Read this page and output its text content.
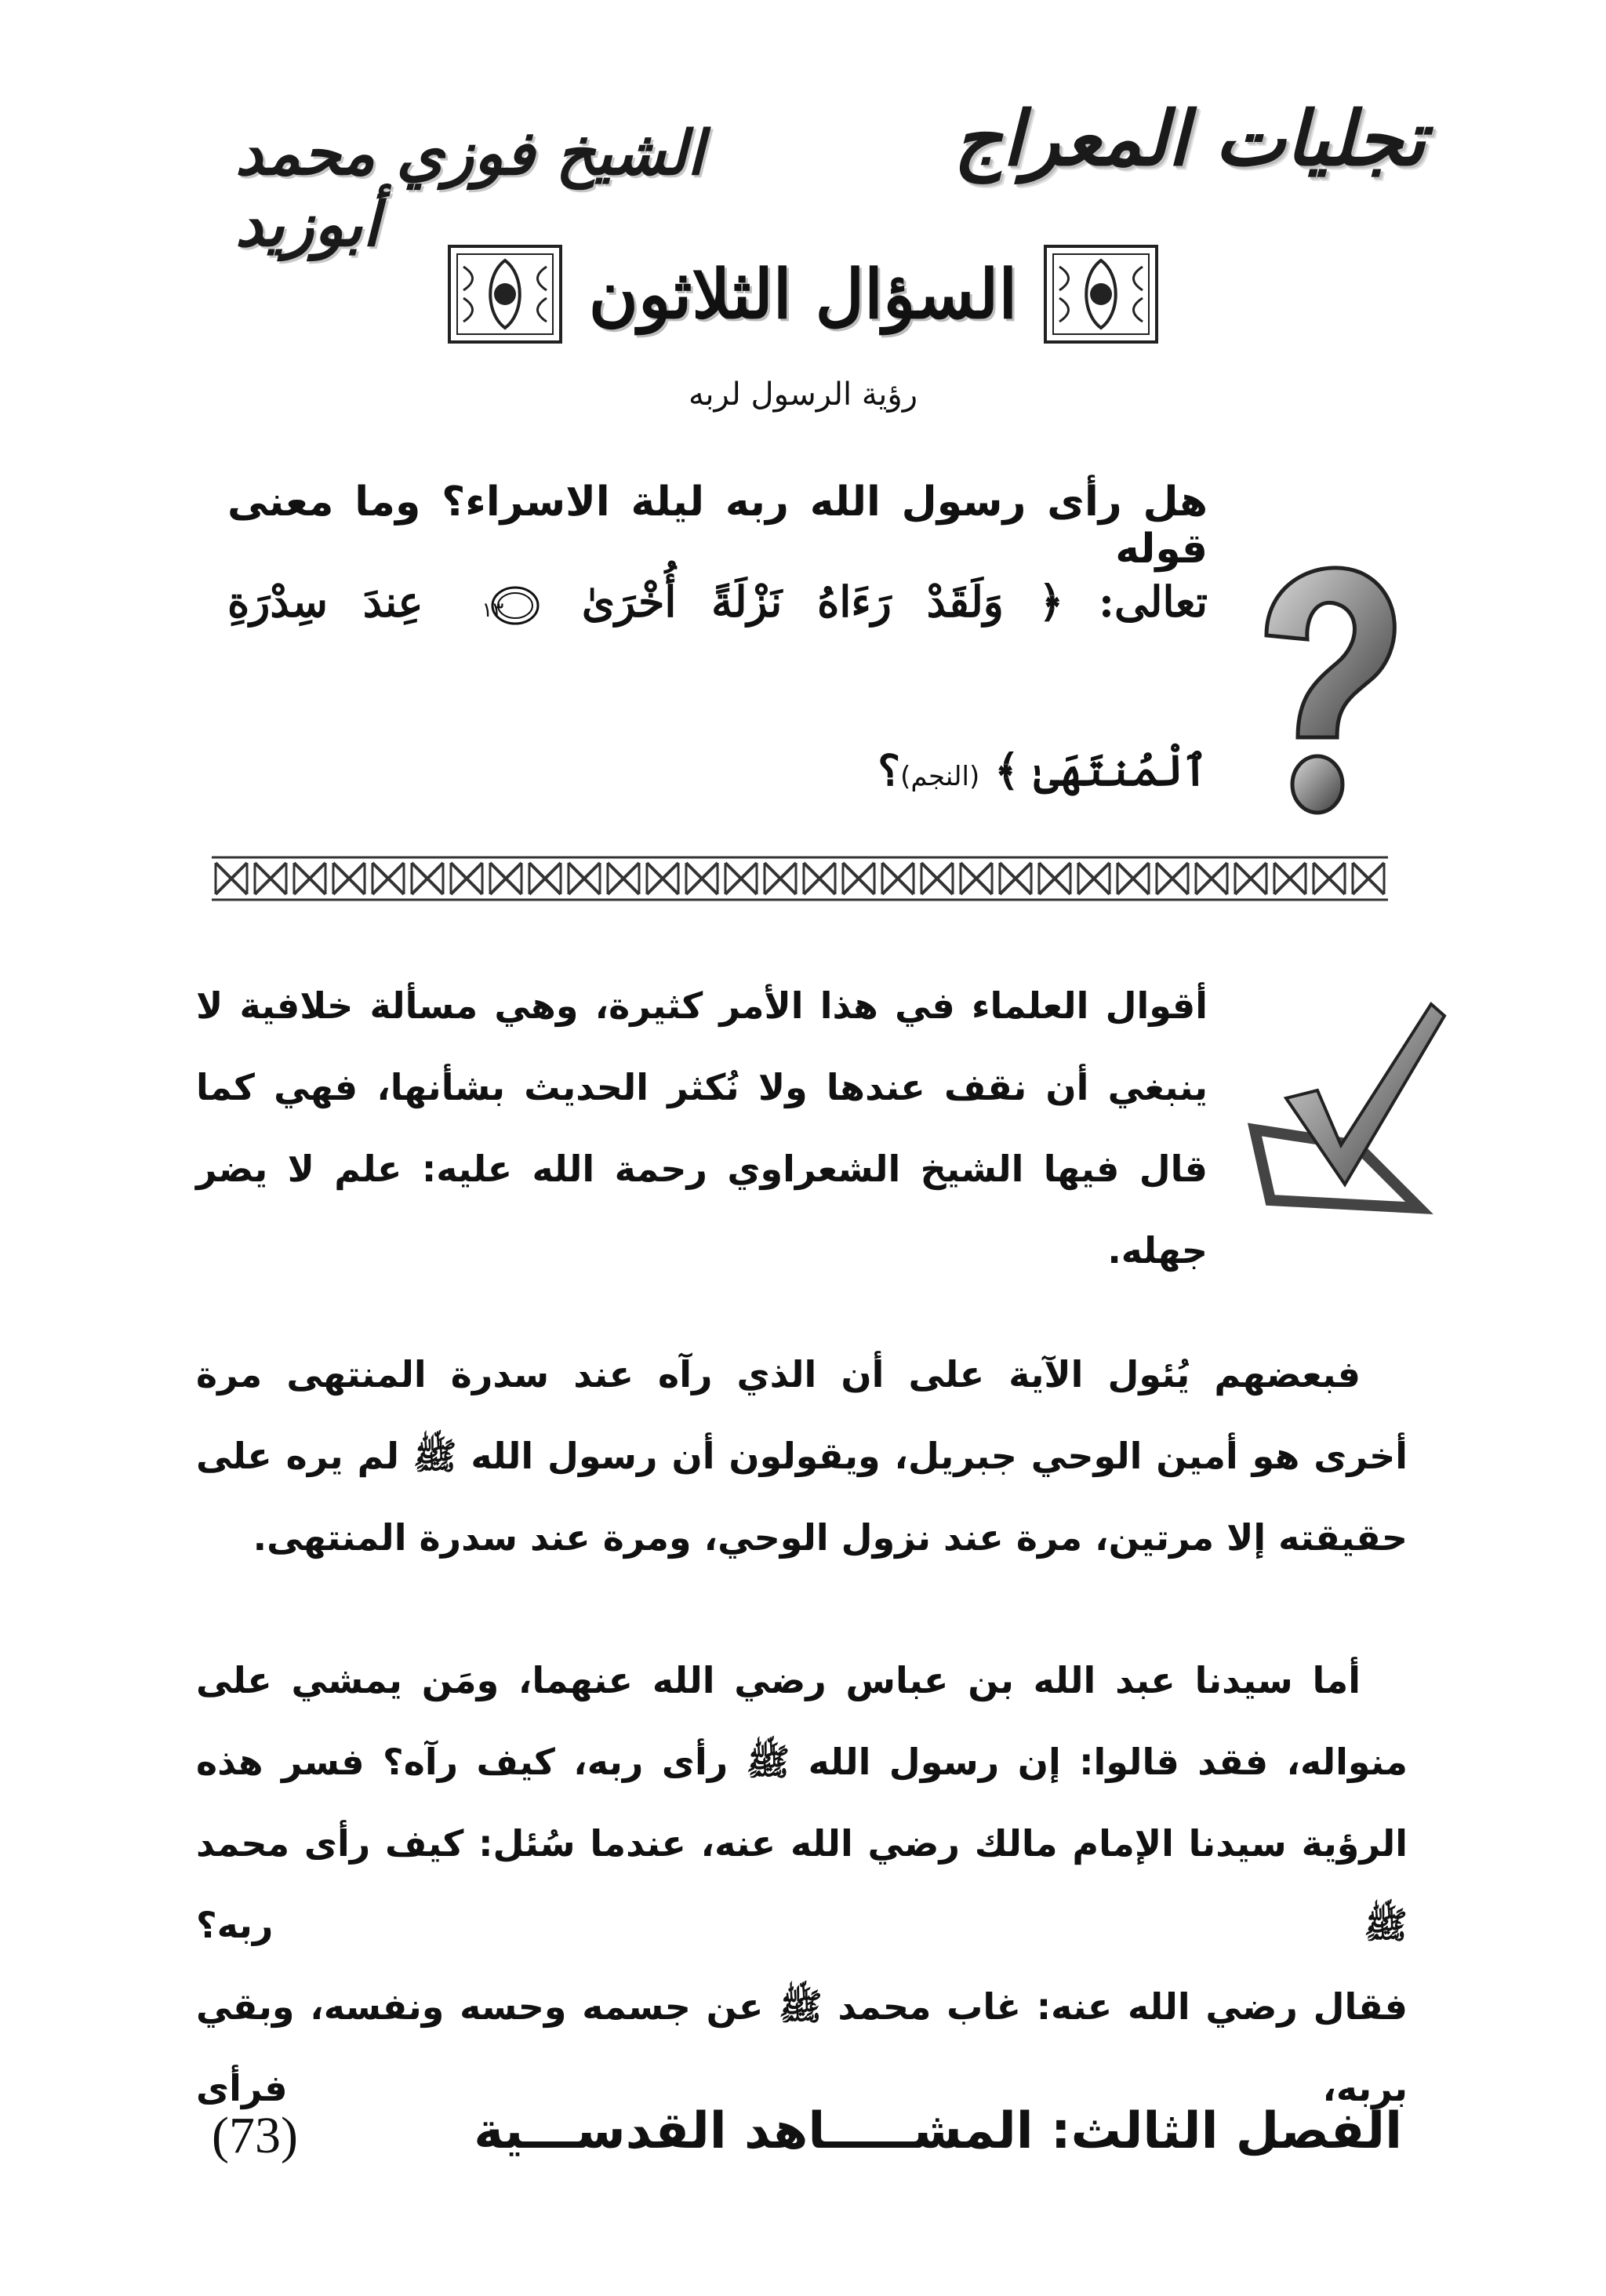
تجليات المعراج
الشيخ فوزي محمد أبوزيد
السؤال الثلاثون
رؤية الرسول لربه
هل رأى رسول الله ربه ليلة الاسراء؟ وما معنى قوله
تعالى: ﴿ وَلَقَدْ رَءَاهُ نَزْلَةً أُخْرَىٰ  ١٣ عِندَ سِدْرَةِ
ٱلْمُنتَهَىٰ ﴾ (النجم)؟
أقوال العلماء في هذا الأمر كثيرة، وهي مسألة خلافية لا
ينبغي أن نقف عندها ولا نُكثر الحديث بشأنها، فهي كما
قال فيها الشيخ الشعراوي رحمة الله عليه: علم لا يضر
جهله.
فبعضهم يُئول الآية على أن الذي رآه عند سدرة المنتهى مرة
أخرى هو أمين الوحي جبريل، ويقولون أن رسول الله ﷺ لم يره على
حقيقته إلا مرتين، مرة عند نزول الوحي، ومرة عند سدرة المنتهى.
أما سيدنا عبد الله بن عباس رضي الله عنهما، ومَن يمشي على
منواله، فقد قالوا: إن رسول الله ﷺ رأى ربه، كيف رآه؟ فسر هذه
الرؤية سيدنا الإمام مالك رضي الله عنه، عندما سُئل: كيف رأى محمد ﷺ ربه؟
فقال رضي الله عنه: غاب محمد ﷺ عن جسمه وحسه ونفسه، وبقي بربه، فرأى
الفصل الثالث: المشـــــاهد القدســـية
(73)
